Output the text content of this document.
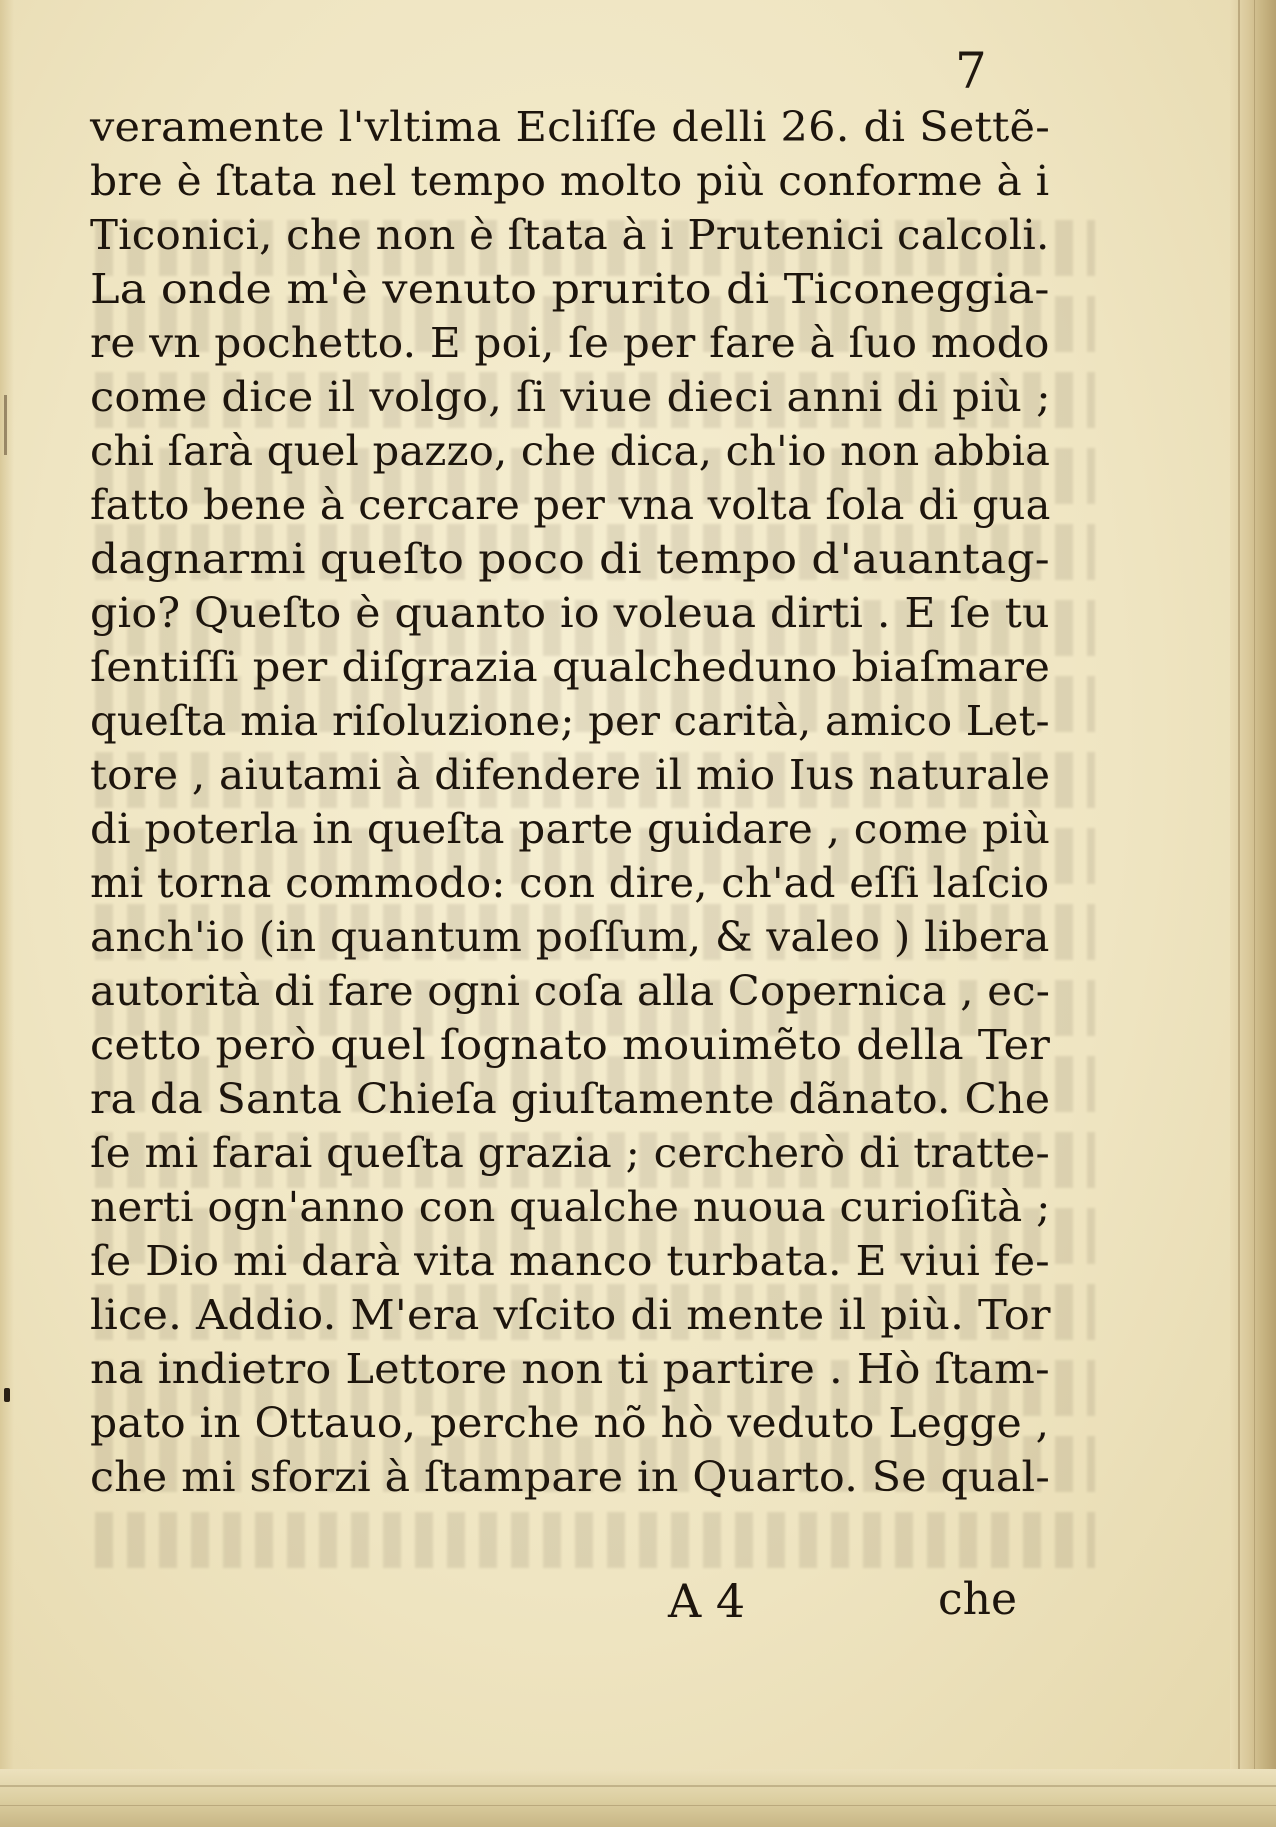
7
veramente l'vltima Ecliſſe delli 26. di Settẽ-
bre è ſtata nel tempo molto più conforme à i
Ticonici, che non è ſtata à i Prutenici calcoli.
La onde m'è venuto prurito di Ticoneggia-
re vn pochetto. E poi, ſe per fare à ſuo modo
come dice il volgo, ſi viue dieci anni di più ;
chi ſarà quel pazzo, che dica, ch'io non abbia
fatto bene à cercare per vna volta ſola di gua
dagnarmi queſto poco di tempo d'auantag-
gio? Queſto è quanto io voleua dirti . E ſe tu
ſentiſſi per diſgrazia qualcheduno biaſmare
queſta mia riſoluzione; per carità, amico Let-
tore , aiutami à difendere il mio Ius naturale
di poterla in queſta parte guidare , come più
mi torna commodo: con dire, ch'ad eſſi laſcio
anch'io (in quantum poſſum, & valeo ) libera
autorità di fare ogni coſa alla Copernica , ec-
cetto però quel ſognato mouimẽto della Ter
ra da Santa Chieſa giuſtamente dãnato. Che
ſe mi farai queſta grazia ; cercherò di tratte-
nerti ogn'anno con qualche nuoua curioſità ;
ſe Dio mi darà vita manco turbata. E viui fe-
lice. Addio. M'era vſcito di mente il più. Tor
na indietro Lettore non ti partire . Hò ſtam-
pato in Ottauo, perche nõ hò veduto Legge ,
che mi sforzi à ſtampare in Quarto. Se qual-
A 4	che
